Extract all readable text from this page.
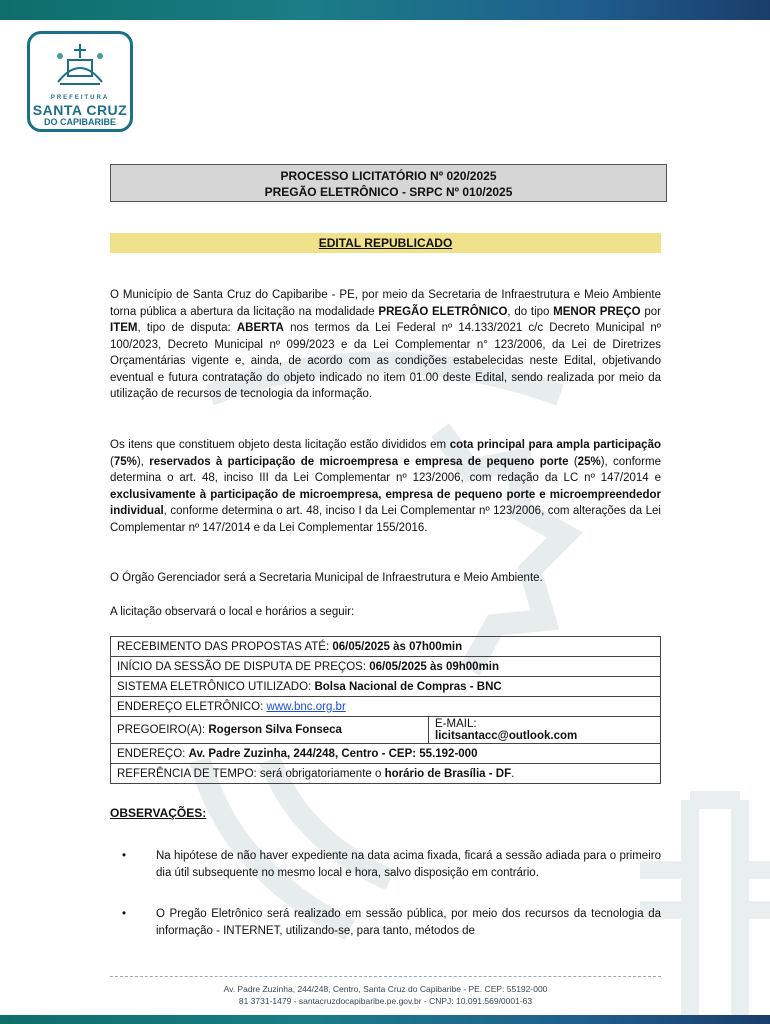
PREFEITURA
SANTA CRUZ
DO CAPIBARIBE
PROCESSO LICITATÓRIO Nº 020/2025
PREGÃO ELETRÔNICO - SRPC Nº 010/2025
EDITAL REPUBLICADO
O Município de Santa Cruz do Capibaribe - PE, por meio da Secretaria de Infraestrutura e Meio Ambiente torna pública a abertura da licitação na modalidade PREGÃO ELETRÔNICO, do tipo MENOR PREÇO por ITEM, tipo de disputa: ABERTA nos termos da Lei Federal nº 14.133/2021 c/c Decreto Municipal nº 100/2023, Decreto Municipal nº 099/2023 e da Lei Complementar n° 123/2006, da Lei de Diretrizes Orçamentárias vigente e, ainda, de acordo com as condições estabelecidas neste Edital, objetivando eventual e futura contratação do objeto indicado no item 01.00 deste Edital, sendo realizada por meio da utilização de recursos de tecnologia da informação.
Os itens que constituem objeto desta licitação estão divididos em cota principal para ampla participação (75%), reservados à participação de microempresa e empresa de pequeno porte (25%), conforme determina o art. 48, inciso III da Lei Complementar nº 123/2006, com redação da LC nº 147/2014 e exclusivamente à participação de microempresa, empresa de pequeno porte e microempreendedor individual, conforme determina o art. 48, inciso I da Lei Complementar nº 123/2006, com alterações da Lei Complementar nº 147/2014 e da Lei Complementar 155/2016.
O Órgão Gerenciador será a Secretaria Municipal de Infraestrutura e Meio Ambiente.
A licitação observará o local e horários a seguir:
RECEBIMENTO DAS PROPOSTAS ATÉ: 06/05/2025 às 07h00min
INÍCIO DA SESSÃO DE DISPUTA DE PREÇOS: 06/05/2025 às 09h00min
SISTEMA ELETRÔNICO UTILIZADO: Bolsa Nacional de Compras - BNC
ENDEREÇO ELETRÔNICO: www.bnc.org.br
PREGOEIRO(A): Rogerson Silva Fonseca	E-MAIL:
licitsantacc@outlook.com
ENDEREÇO: Av. Padre Zuzinha, 244/248, Centro - CEP: 55.192-000
REFERÊNCIA DE TEMPO: será obrigatoriamente o horário de Brasília - DF.
OBSERVAÇÕES:
•	Na hipótese de não haver expediente na data acima fixada, ficará a sessão adiada para o primeiro dia útil subsequente no mesmo local e hora, salvo disposição em contrário.
•	O Pregão Eletrônico será realizado em sessão pública, por meio dos recursos da tecnologia da informação - INTERNET, utilizando-se, para tanto, métodos de
Av. Padre Zuzinha, 244/248, Centro, Santa Cruz do Capibaribe - PE. CEP: 55192-000
81 3731-1479 - santacruzdocapibaribe.pe.gov.br - CNPJ: 10.091.569/0001-63
